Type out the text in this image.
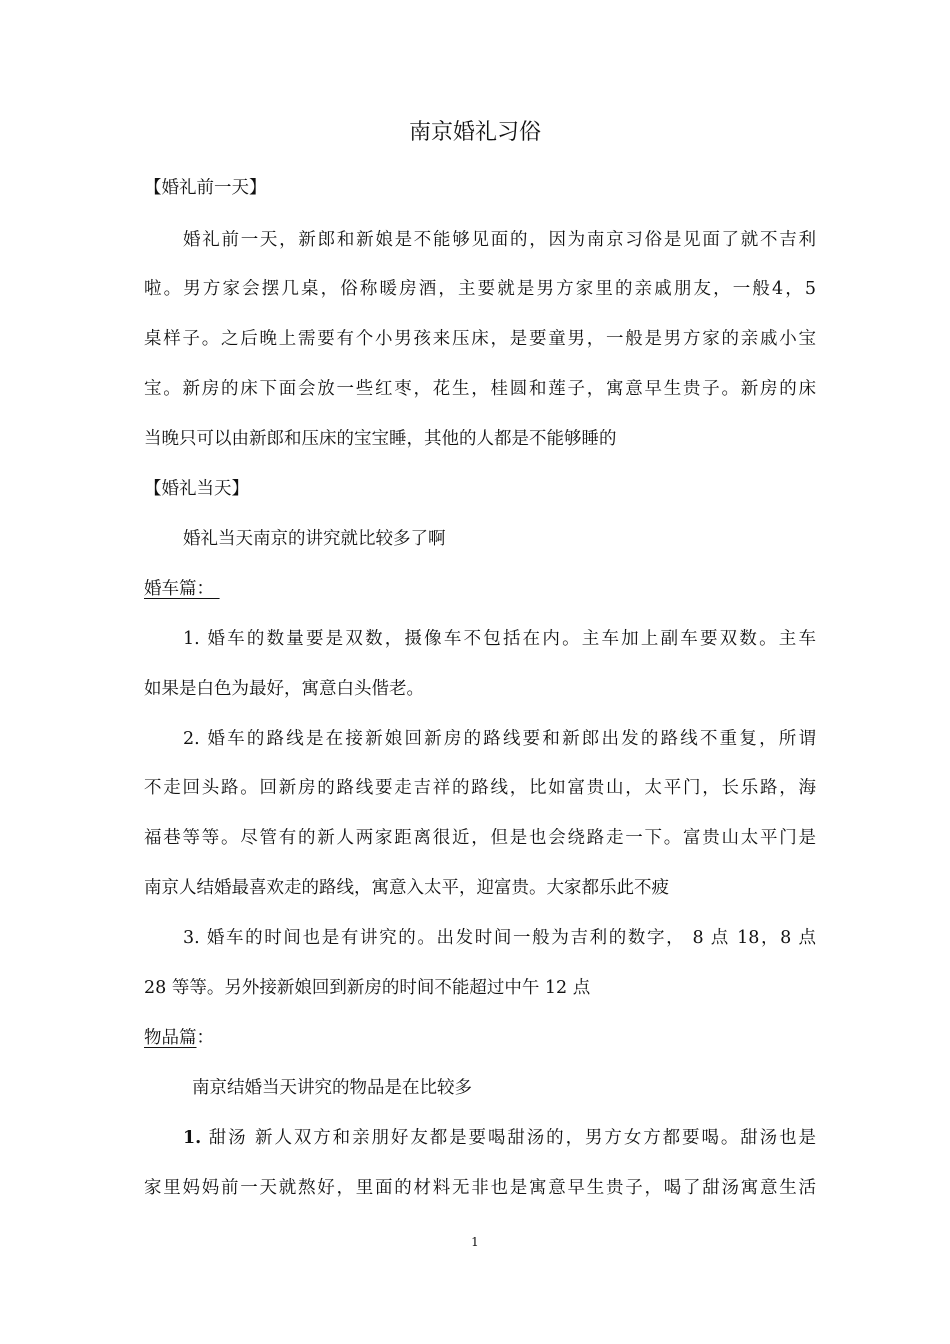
南京婚礼习俗
【婚礼前一天】
婚礼前一天，新郎和新娘是不能够见面的，因为南京习俗是见面了就不吉利
啦。男方家会摆几桌，俗称暖房酒，主要就是男方家里的亲戚朋友，一般4，5
桌样子。之后晚上需要有个小男孩来压床，是要童男，一般是男方家的亲戚小宝
宝。新房的床下面会放一些红枣，花生，桂圆和莲子，寓意早生贵子。新房的床
当晚只可以由新郎和压床的宝宝睡，其他的人都是不能够睡的
【婚礼当天】
婚礼当天南京的讲究就比较多了啊
婚车篇：
1. 婚车的数量要是双数，摄像车不包括在内。主车加上副车要双数。主车
如果是白色为最好，寓意白头偕老。
2. 婚车的路线是在接新娘回新房的路线要和新郎出发的路线不重复，所谓
不走回头路。回新房的路线要走吉祥的路线，比如富贵山，太平门，长乐路，海
福巷等等。尽管有的新人两家距离很近，但是也会绕路走一下。富贵山太平门是
南京人结婚最喜欢走的路线，寓意入太平，迎富贵。大家都乐此不疲
3. 婚车的时间也是有讲究的。出发时间一般为吉利的数字， 8 点 18，8 点
28 等等。另外接新娘回到新房的时间不能超过中午 12 点
物品篇：
南京结婚当天讲究的物品是在比较多
1. 甜汤 新人双方和亲朋好友都是要喝甜汤的，男方女方都要喝。甜汤也是
家里妈妈前一天就熬好，里面的材料无非也是寓意早生贵子，喝了甜汤寓意生活
1
